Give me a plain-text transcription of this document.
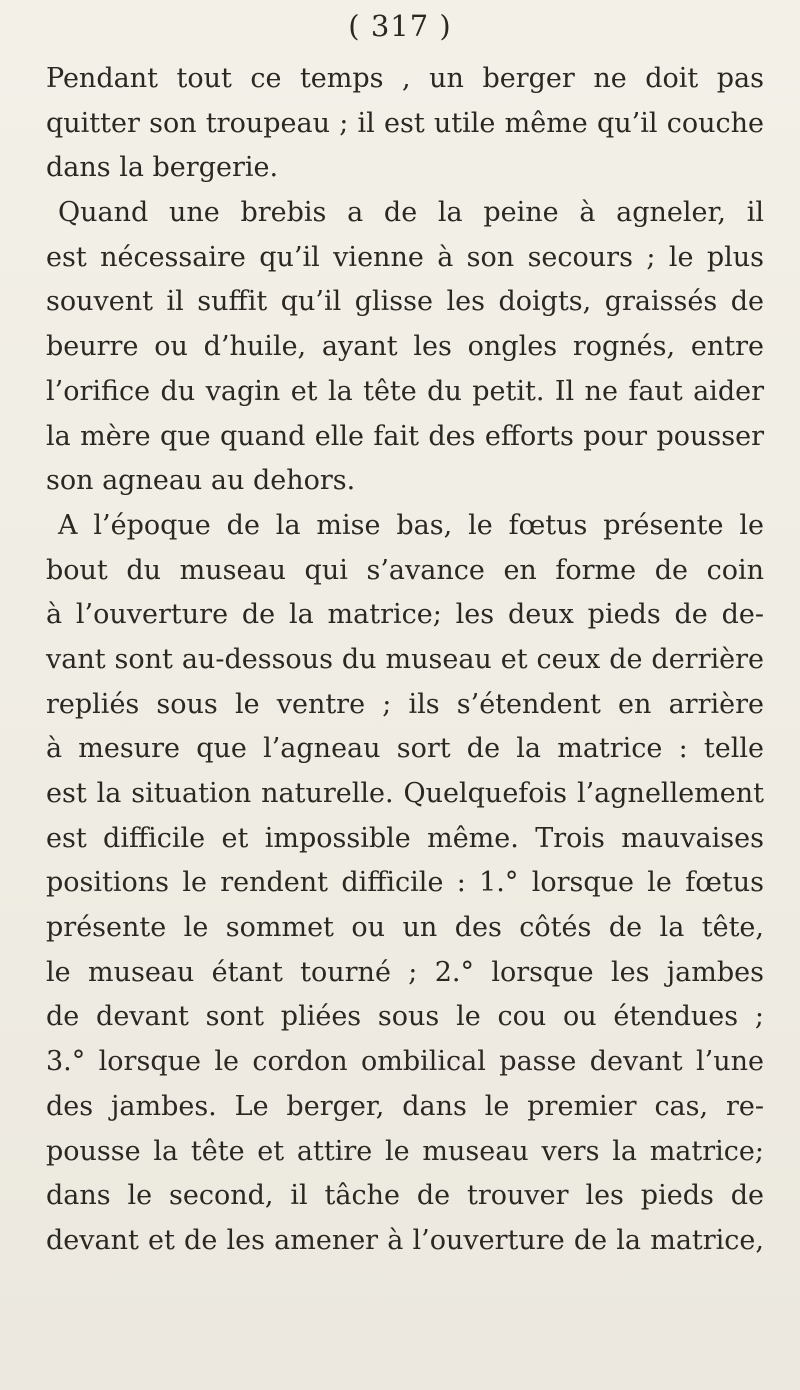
( 317 )
Pendant tout ce temps , un berger ne doit pas
quitter son troupeau ; il est utile même qu’il couche
dans la bergerie.
Quand une brebis a de la peine à agneler, il
est nécessaire qu’il vienne à son secours ; le plus
souvent il suffit qu’il glisse les doigts, graissés de
beurre ou d’huile, ayant les ongles rognés, entre
l’orifice du vagin et la tête du petit. Il ne faut aider
la mère que quand elle fait des efforts pour pousser
son agneau au dehors.
A l’époque de la mise bas, le fœtus présente le
bout du museau qui s’avance en forme de coin
à l’ouverture de la matrice; les deux pieds de de-
vant sont au-dessous du museau et ceux de derrière
repliés sous le ventre ; ils s’étendent en arrière
à mesure que l’agneau sort de la matrice : telle
est la situation naturelle. Quelquefois l’agnellement
est difficile et impossible même. Trois mauvaises
positions le rendent difficile : 1.° lorsque le fœtus
présente le sommet ou un des côtés de la tête,
le museau étant tourné ; 2.° lorsque les jambes
de devant sont pliées sous le cou ou étendues ;
3.° lorsque le cordon ombilical passe devant l’une
des jambes. Le berger, dans le premier cas, re-
pousse la tête et attire le museau vers la matrice;
dans le second, il tâche de trouver les pieds de
devant et de les amener à l’ouverture de la matrice,
